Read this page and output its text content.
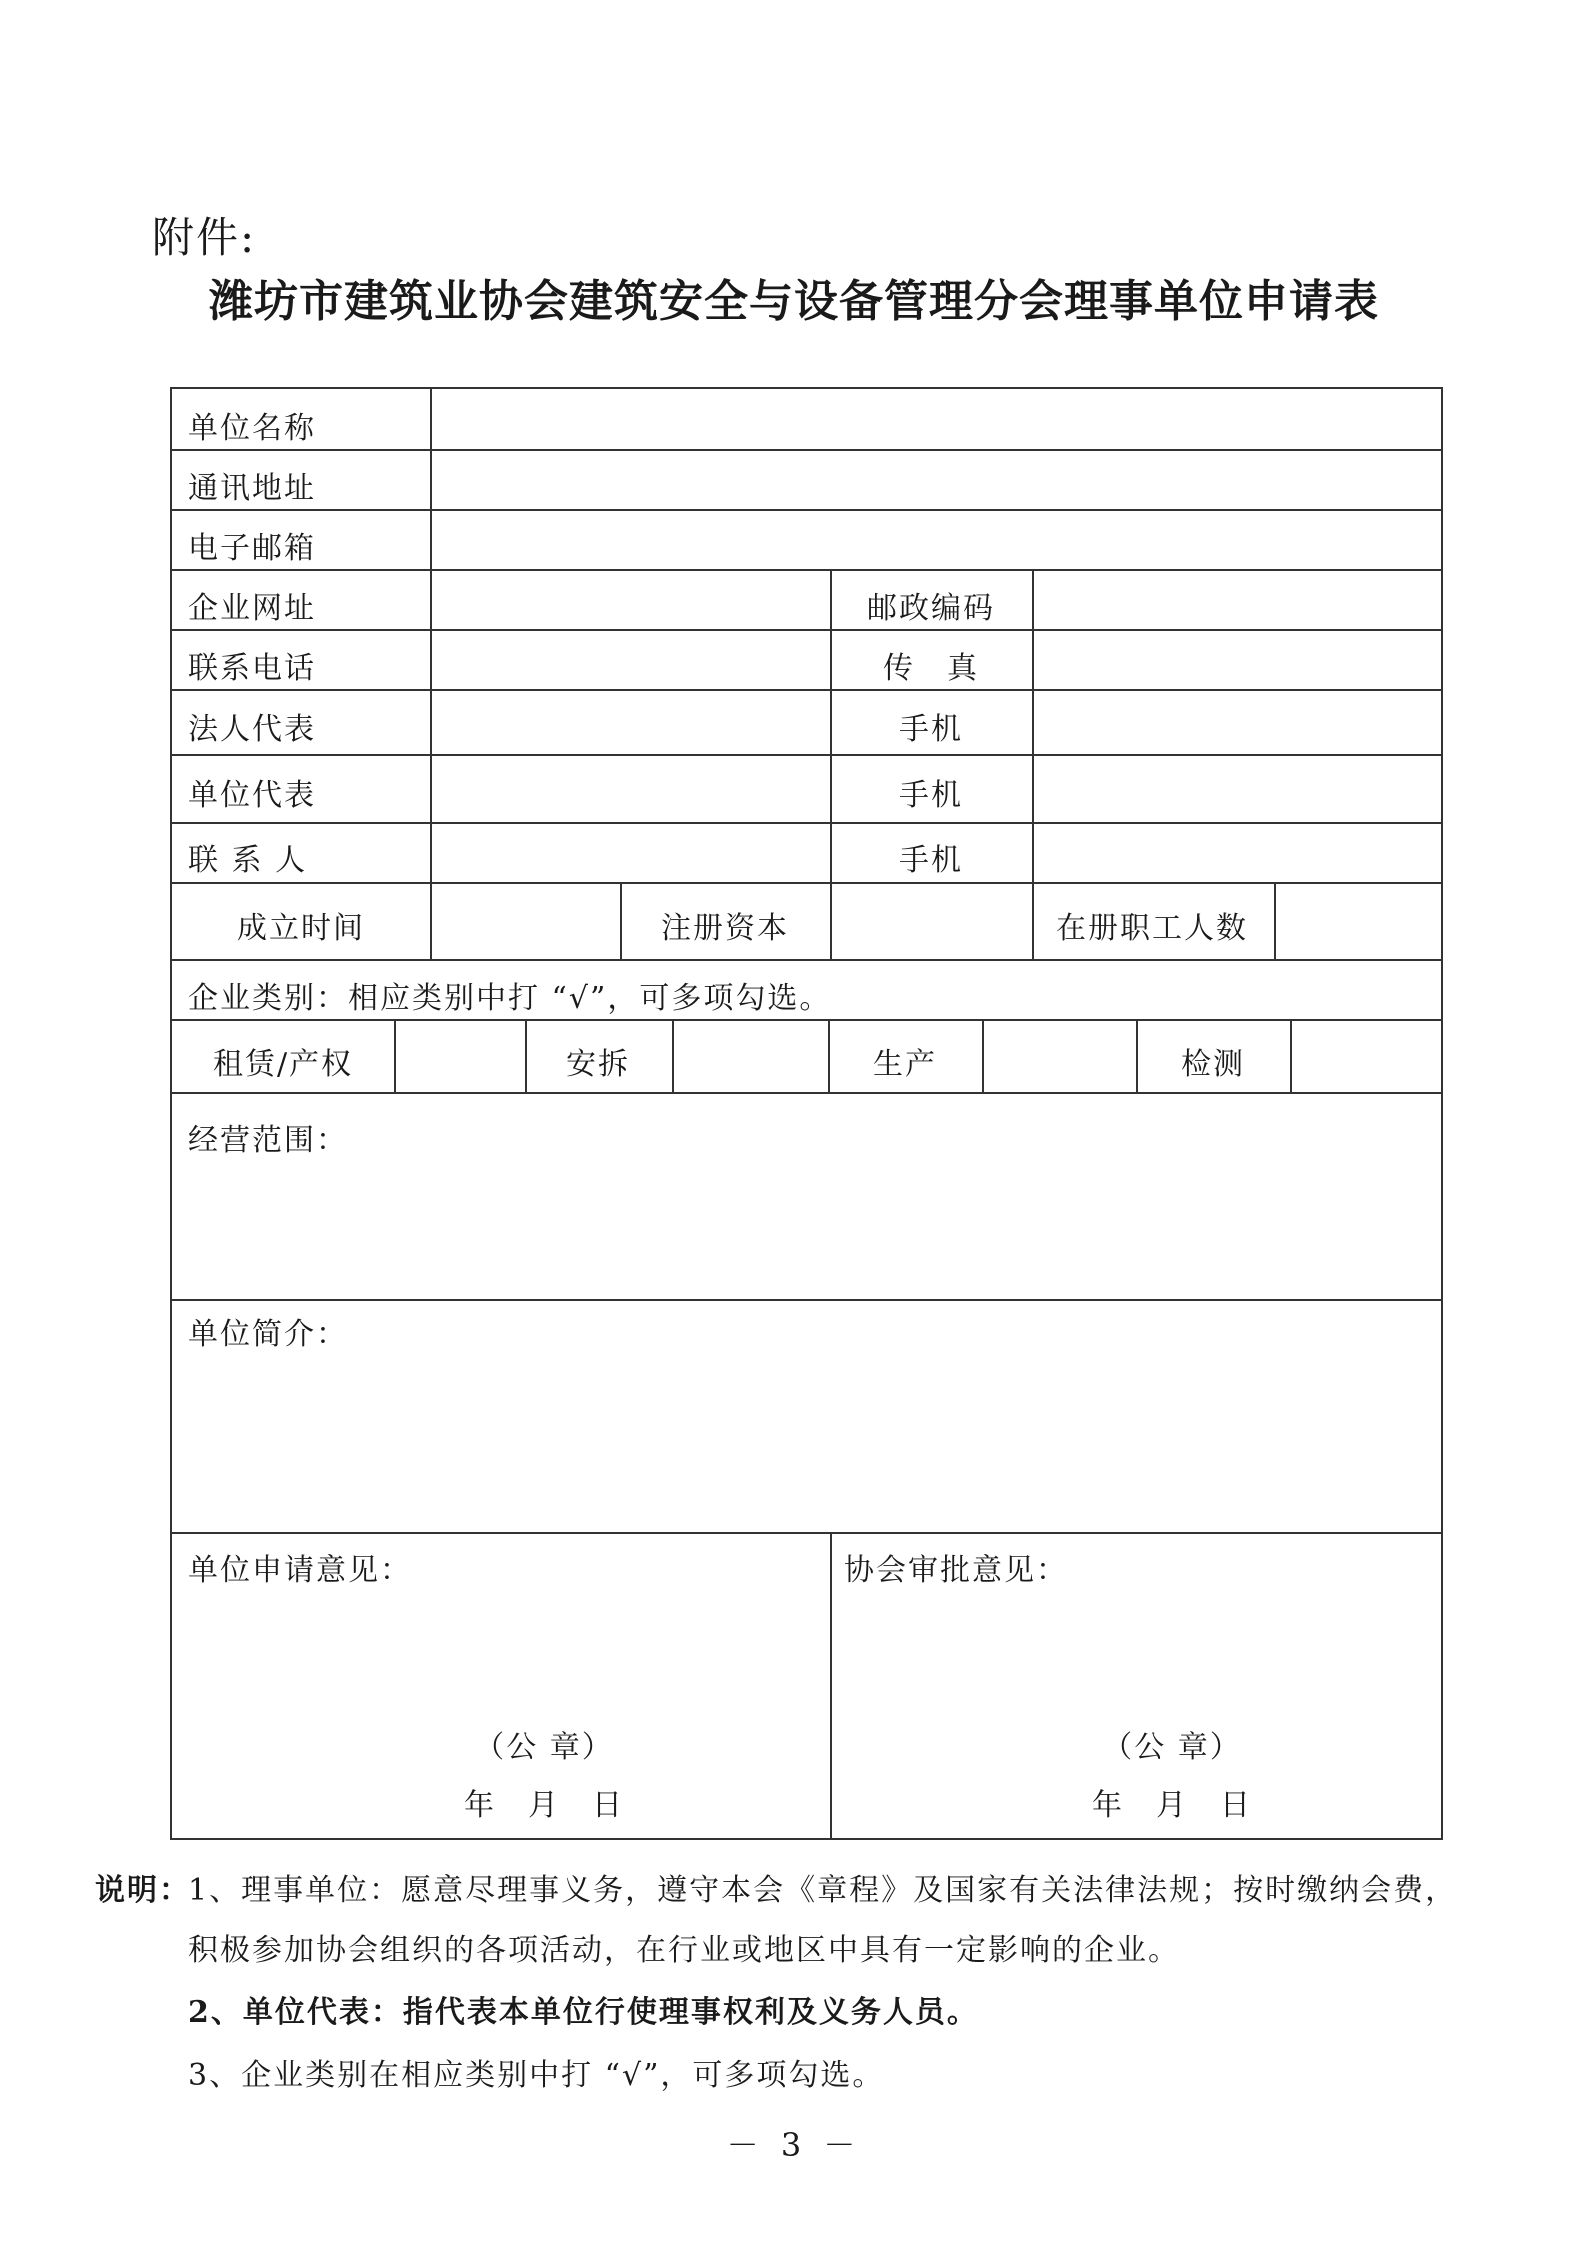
附件:
潍坊市建筑业协会建筑安全与设备管理分会理事单位申请表
单位名称
通讯地址
电子邮箱
企业网址	邮政编码
联系电话	传　真
法人代表	手机
单位代表	手机
联 系 人	手机
成立时间	注册资本	在册职工人数
企业类别：相应类别中打 “√”，可多项勾选。
租赁/产权	安拆	生产	检测
经营范围：
单位简介：
单位申请意见：	协会审批意见：
（公 章）
年　月　日
（公 章）
年　月　日
说明：
1、理事单位：愿意尽理事义务，遵守本会《章程》及国家有关法律法规；按时缴纳会费，
积极参加协会组织的各项活动，在行业或地区中具有一定影响的企业。
2、单位代表：指代表本单位行使理事权利及义务人员。
3、企业类别在相应类别中打 “√”，可多项勾选。
－ 3 －
